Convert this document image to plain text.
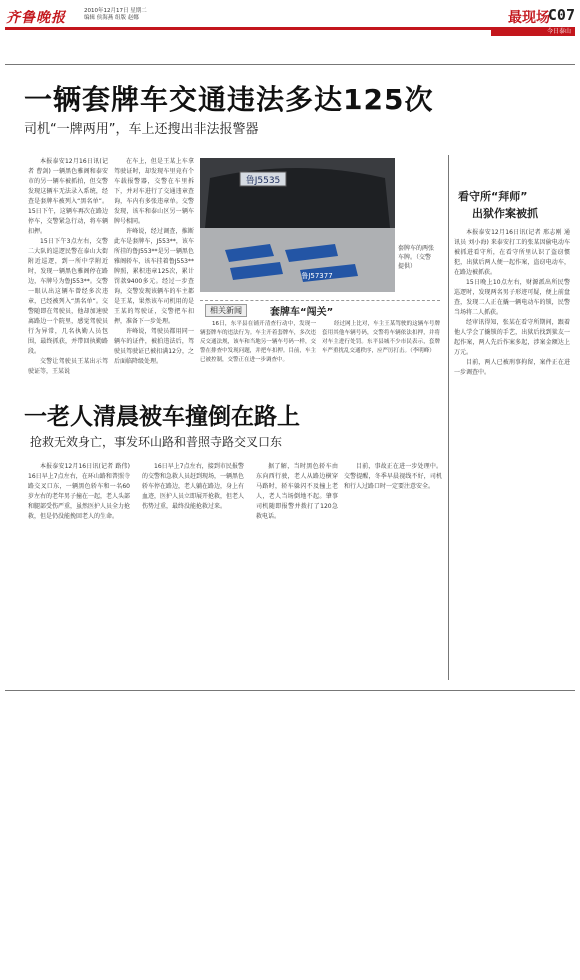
齐鲁晚报	2010年12月17日 星期二
编辑 侯海燕 组版 赵娜	最现场
C07
今日泰山
一辆套牌车交通违法多达125次
司机“一牌两用”，车上还搜出非法报警器

本报泰安12月16日讯(记者 曹剑) 一辆黑色雅阁和泰安市的另一辆车被抓拍，但交警发现这辆车无法录入系统，经查是套牌车被列入“黑名单”。15日下午，这辆车再次在路边停车，交警紧急行动，将车辆扣押。

15日下午3点左右，交警二大队的巡逻民警在泰山大街附近巡逻，到一所中学附近时，发现一辆黑色雅阁停在路边，车牌号为鲁J553**。交警一眼认出这辆车曾经多次违章，已经被列入“黑名单”。交警随即在驾驶员，他却加速驶离路边一个院里，感觉驾驶员行为异常，几名执勤人员包围，最终抓获，并带回执勤路段。

交警让驾驶员王某出示驾驶证等，王某说

在车上，但是王某上车拿驾驶证时，却发现车里竟有个车载报警器，交警在车里拆下，并对车进行了交通违章查询，车内有多张违章单。交警发现，该车和泰山区另一辆车牌号相同。

许峰说，经过调查，推断此车是套牌车，J553**，该车所挂的鲁J553**是另一辆黑色雅阁轿车，该车挂着鲁J553**牌照，累积违章125次，累计罚款9400多元。经过一步查询，交警发现该辆车的车主都是王某，果然该车司机用的是王某的驾驶证，交警把车扣押，准备下一步处理。

许峰说，驾驶员都用同一辆车的证件，被拍违法后，驾驶员驾驶证已被扣满12分，之后面临降级处理。

鲁J5535
鲁J57377
套牌车的两张车牌。（交警提供）
相关新闻	套牌车“闯关”

16日，东平县在铺开清查行动中，发现一辆套牌车的违法行为。车主开着套牌车，多次违反交通法规，该车和当地另一辆车号码一样，交警在排查中发现问题，并把车扣押。目前，车主已被控制，交警正在进一步调查中。

经过网上比对，车主王某驾驶的这辆车号牌套用其他车辆号码，交警将车辆依法扣押，并将对车主进行处罚。东平县城不少市民表示，套牌车严重扰乱交通秩序，应严厉打击。（李明峰）

看守所“拜师”
出狱作案被抓

本报泰安12月16日讯(记者 邢志刚 通讯员 刘小海) 来泰安打工的张某因偷电动车被抓进看守所，在看守所里认识了盗窃惯犯，出狱后两人便一起作案，盗窃电动车，在路边被抓获。

15日晚上10点左右，财源派出所民警巡逻时，发现两名男子形迹可疑，便上前盘查，发现二人正在撬一辆电动车的锁，民警当场将二人抓获。

经审讯得知，张某在看守所期间，跟着他人学会了撬锁的手艺，出狱后找到狱友一起作案，两人先后作案多起，涉案金额达上万元。

目前，两人已被刑事拘留，案件正在进一步调查中。

一老人清晨被车撞倒在路上
抢救无效身亡，事发环山路和普照寺路交叉口东

本报泰安12月16日讯(记者 路伟) 16日早上7点左右，在环山路和普照寺路交叉口东，一辆黑色轿车和一名60岁左右的老年男子撞在一起，老人头部和腿部受伤严重，虽然医护人员全力抢救，但是仍没能挽回老人的生命。

16日早上7点左右，接到市民报警的交警和急救人员赶到现场，一辆黑色轿车停在路边，老人躺在路边，身上有血迹，医护人员立即展开抢救，但老人伤势过重，最终没能抢救过来。

据了解，当时黑色轿车由东向西行驶，老人从路边横穿马路时，轿车躲闪不及撞上老人，老人当场倒地不起。肇事司机随即报警并拨打了120急救电话。

目前，事故正在进一步处理中。交警提醒，冬季早晨视线不好，司机和行人过路口时一定要注意安全。
